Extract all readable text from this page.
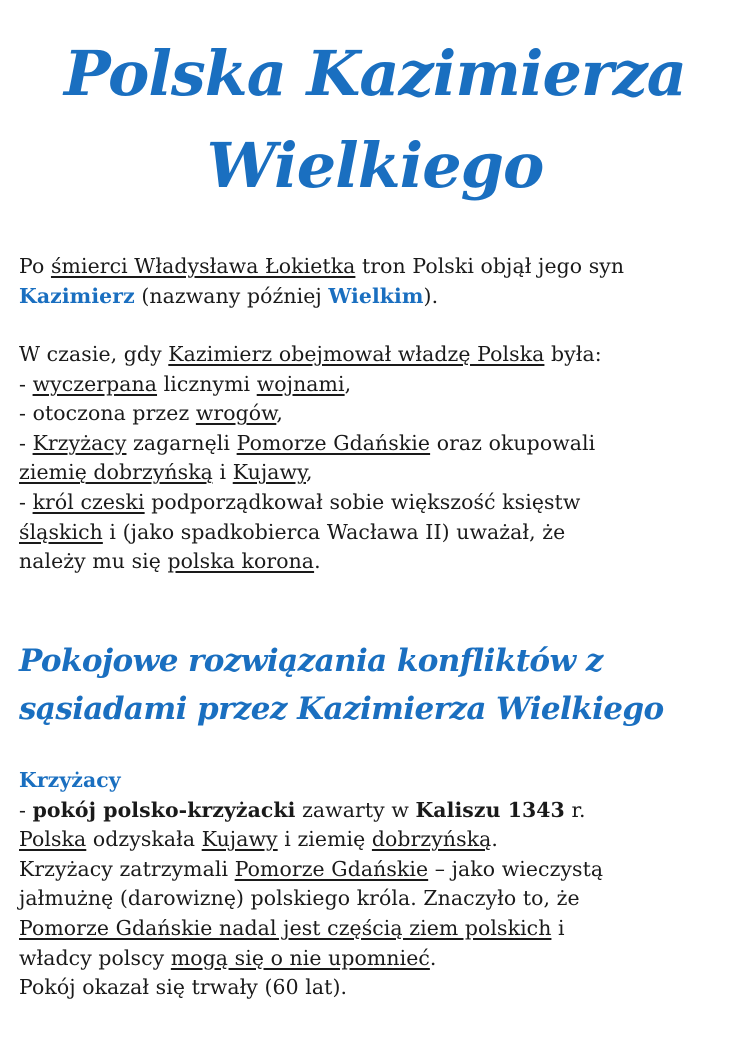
Polska Kazimierza
Wielkiego
Po śmierci Władysława Łokietka tron Polski objął jego syn
Kazimierz (nazwany później Wielkim).
W czasie, gdy Kazimierz obejmował władzę Polska była:
- wyczerpana licznymi wojnami,
- otoczona przez wrogów,
- Krzyżacy zagarnęli Pomorze Gdańskie oraz okupowali
ziemię dobrzyńską i Kujawy,
- król czeski podporządkował sobie większość księstw
śląskich i (jako spadkobierca Wacława II) uważał, że
należy mu się polska korona.
Pokojowe rozwiązania konfliktów z
sąsiadami przez Kazimierza Wielkiego
Krzyżacy
- pokój polsko-krzyżacki zawarty w Kaliszu 1343 r.
Polska odzyskała Kujawy i ziemię dobrzyńską.
Krzyżacy zatrzymali Pomorze Gdańskie – jako wieczystą
jałmużnę (darowiznę) polskiego króla. Znaczyło to, że
Pomorze Gdańskie nadal jest częścią ziem polskich i
władcy polscy mogą się o nie upomnieć.
Pokój okazał się trwały (60 lat).
